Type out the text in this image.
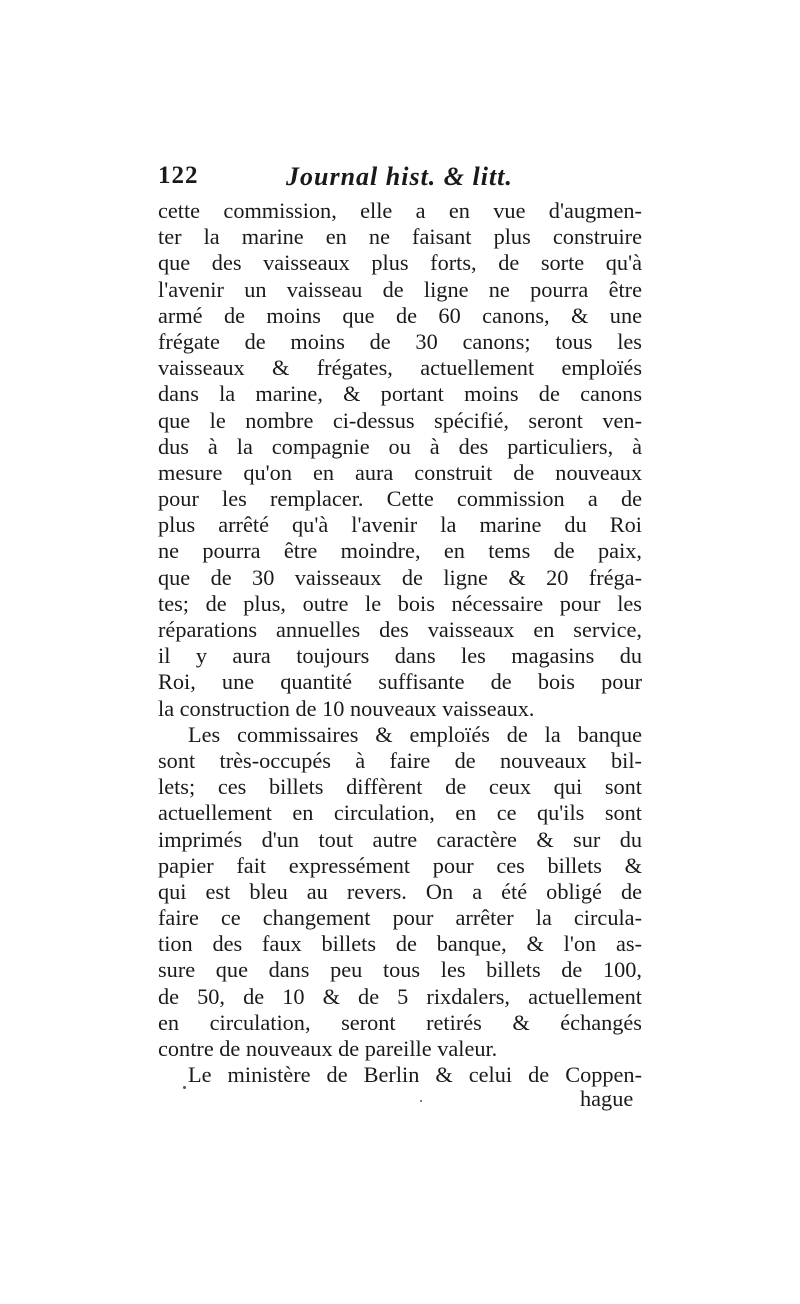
122	Journal hist. & litt.
cette commission, elle a en vue d'augmen-
ter la marine en ne faisant plus construire
que des vaisseaux plus forts, de sorte qu'à
l'avenir un vaisseau de ligne ne pourra être
armé de moins que de 60 canons, & une
frégate de moins de 30 canons; tous les
vaisseaux & frégates, actuellement emploïés
dans la marine, & portant moins de canons
que le nombre ci-dessus spécifié, seront ven-
dus à la compagnie ou à des particuliers, à
mesure qu'on en aura construit de nouveaux
pour les remplacer. Cette commission a de
plus arrêté qu'à l'avenir la marine du Roi
ne pourra être moindre, en tems de paix,
que de 30 vaisseaux de ligne & 20 fréga-
tes; de plus, outre le bois nécessaire pour les
réparations annuelles des vaisseaux en service,
il y aura toujours dans les magasins du
Roi, une quantité suffisante de bois pour
la construction de 10 nouveaux vaisseaux.
Les commissaires & emploïés de la banque
sont très-occupés à faire de nouveaux bil-
lets; ces billets diffèrent de ceux qui sont
actuellement en circulation, en ce qu'ils sont
imprimés d'un tout autre caractère & sur du
papier fait expressément pour ces billets &
qui est bleu au revers. On a été obligé de
faire ce changement pour arrêter la circula-
tion des faux billets de banque, & l'on as-
sure que dans peu tous les billets de 100,
de 50, de 10 & de 5 rixdalers, actuellement
en circulation, seront retirés & échangés
contre de nouveaux de pareille valeur.
Le ministère de Berlin & celui de Coppen-
hague
